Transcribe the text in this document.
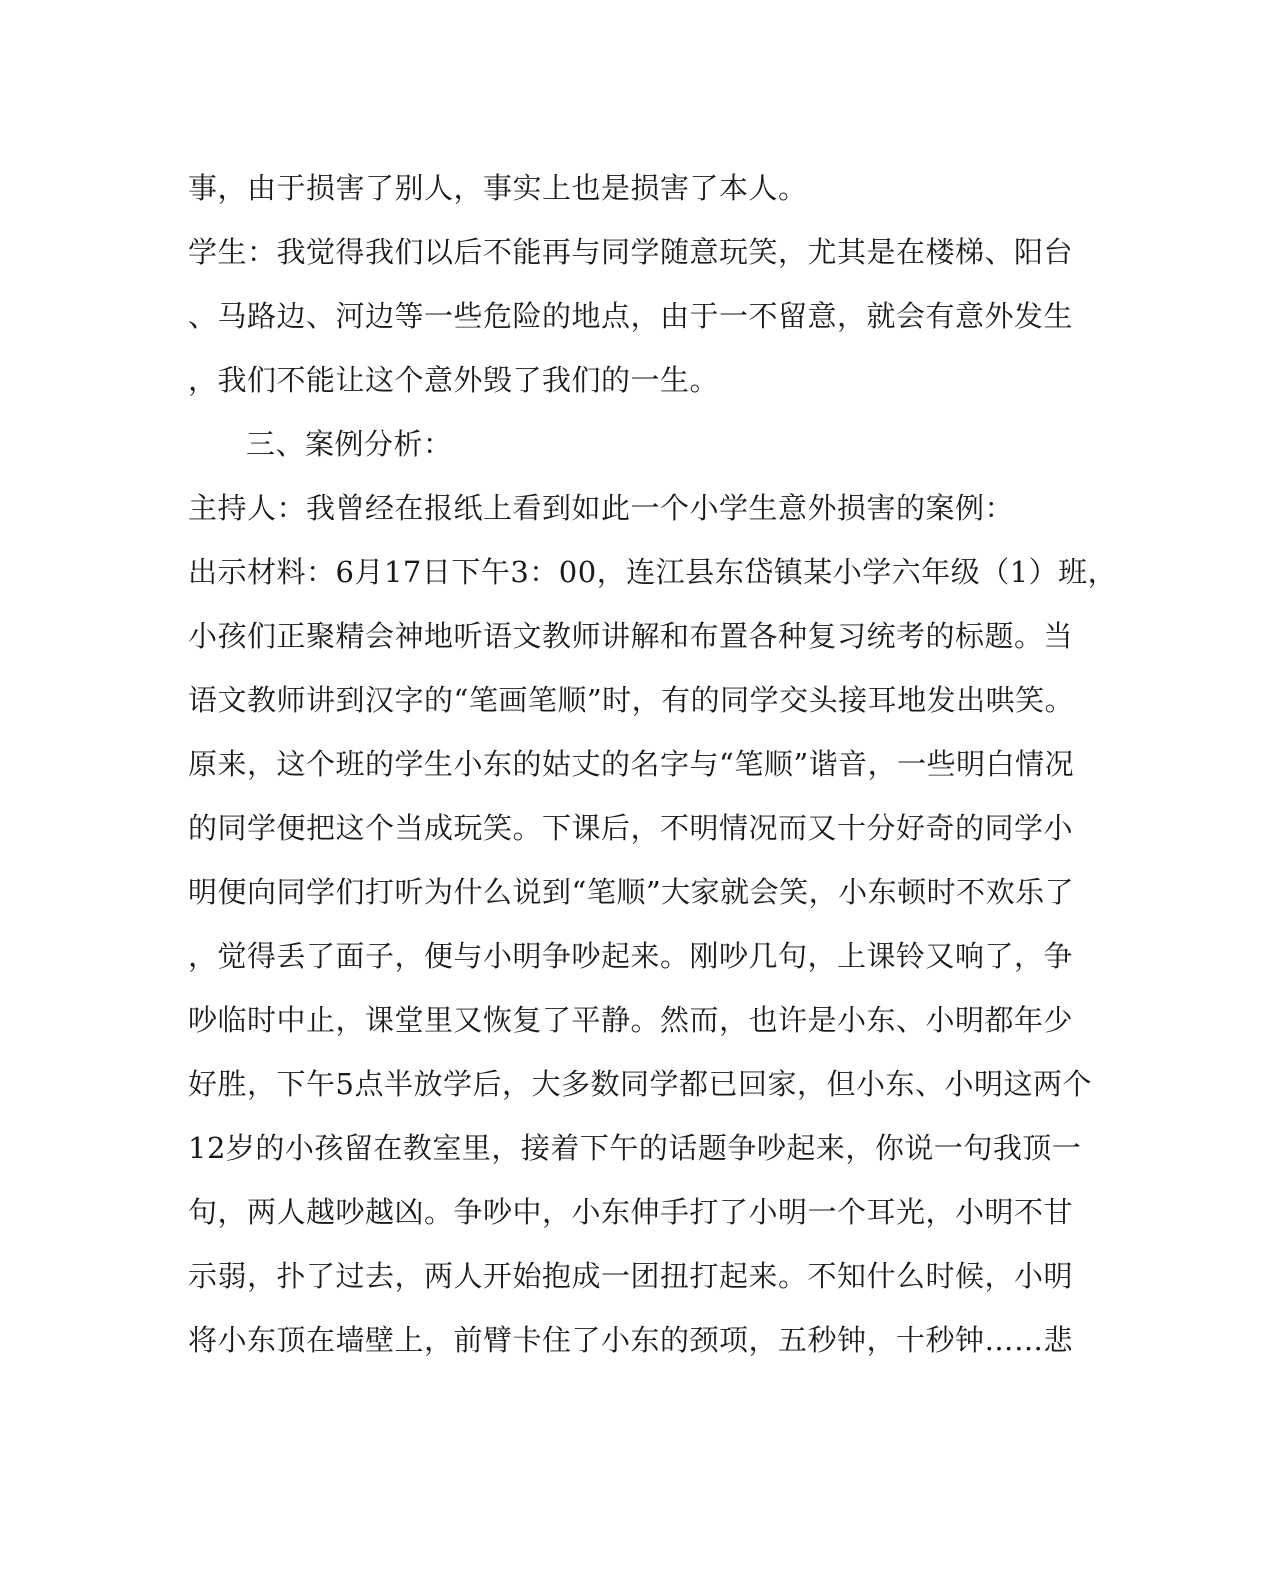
事，由于损害了别人，事实上也是损害了本人。
学生：我觉得我们以后不能再与同学随意玩笑，尤其是在楼梯、阳台
、马路边、河边等一些危险的地点，由于一不留意，就会有意外发生
，我们不能让这个意外毁了我们的一生。
三、案例分析：
主持人：我曾经在报纸上看到如此一个小学生意外损害的案例：
出示材料：6月17日下午3：00，连江县东岱镇某小学六年级（1）班，
小孩们正聚精会神地听语文教师讲解和布置各种复习统考的标题。当
语文教师讲到汉字的“笔画笔顺”时，有的同学交头接耳地发出哄笑。
原来，这个班的学生小东的姑丈的名字与“笔顺”谐音，一些明白情况
的同学便把这个当成玩笑。下课后，不明情况而又十分好奇的同学小
明便向同学们打听为什么说到“笔顺”大家就会笑，小东顿时不欢乐了
，觉得丢了面子，便与小明争吵起来。刚吵几句，上课铃又响了，争
吵临时中止，课堂里又恢复了平静。然而，也许是小东、小明都年少
好胜，下午5点半放学后，大多数同学都已回家，但小东、小明这两个
12岁的小孩留在教室里，接着下午的话题争吵起来，你说一句我顶一
句，两人越吵越凶。争吵中，小东伸手打了小明一个耳光，小明不甘
示弱，扑了过去，两人开始抱成一团扭打起来。不知什么时候，小明
将小东顶在墙壁上，前臂卡住了小东的颈项，五秒钟，十秒钟……悲
